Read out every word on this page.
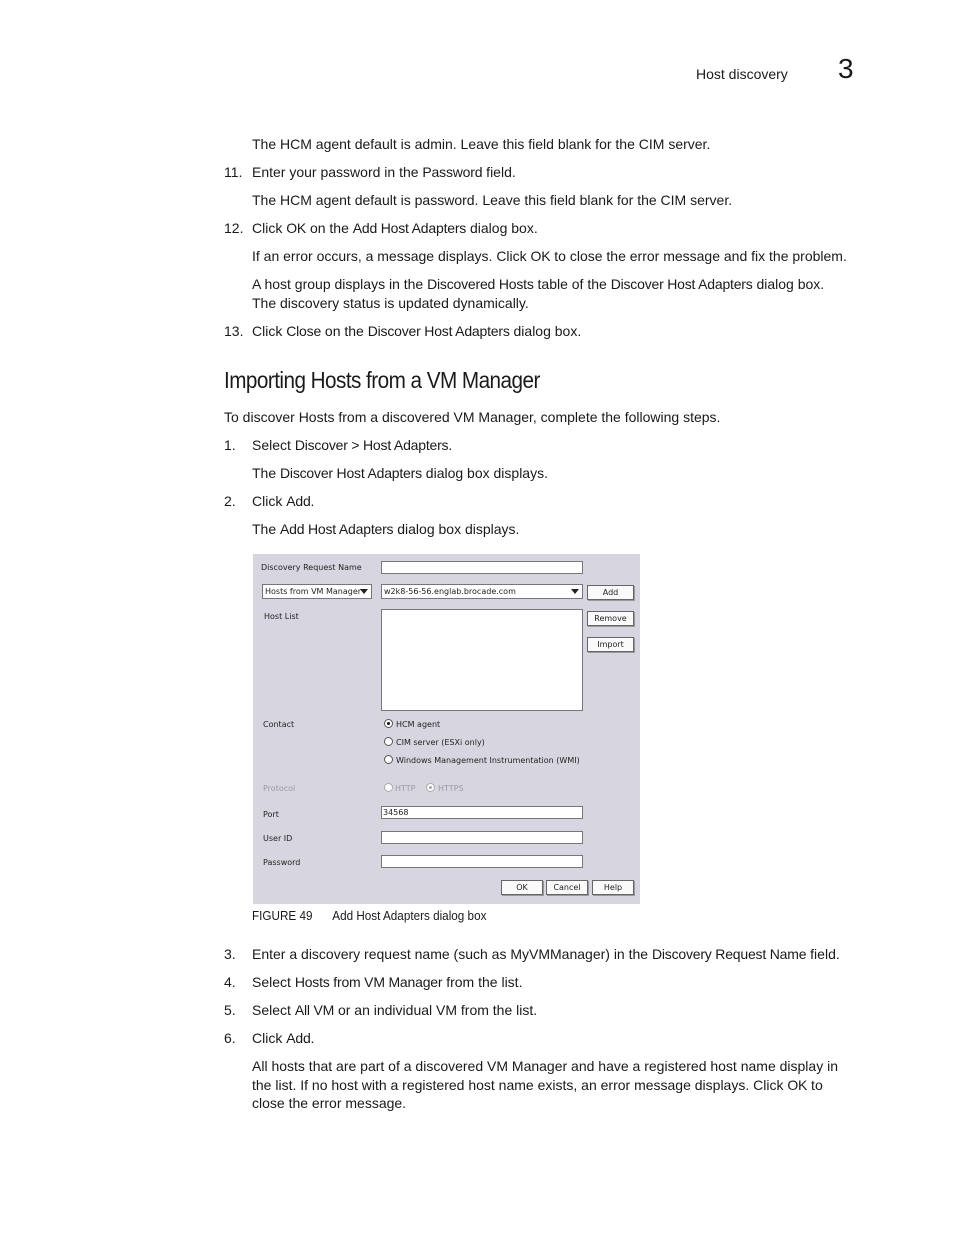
Host discovery 3
The HCM agent default is admin. Leave this field blank for the CIM server.
11. Enter your password in the Password field.
The HCM agent default is password. Leave this field blank for the CIM server.
12. Click OK on the Add Host Adapters dialog box.
If an error occurs, a message displays. Click OK to close the error message and fix the problem.
A host group displays in the Discovered Hosts table of the Discover Host Adapters dialog box.
The discovery status is updated dynamically.
13. Click Close on the Discover Host Adapters dialog box.
Importing Hosts from a VM Manager
To discover Hosts from a discovered VM Manager, complete the following steps.
1. Select Discover > Host Adapters.
The Discover Host Adapters dialog box displays.
2. Click Add.
The Add Host Adapters dialog box displays.
Discovery Request Name
Hosts from VM Manager	w2k8-56-56.englab.brocade.com	Add
Host List	Remove
Import
Contact	HCM agent
CIM server (ESXi only)
Windows Management Instrumentation (WMI)
Protocol	HTTP	HTTPS
Port	34568
User ID
Password
OK	Cancel	Help
FIGURE 49 Add Host Adapters dialog box
3. Enter a discovery request name (such as MyVMManager) in the Discovery Request Name field.
4. Select Hosts from VM Manager from the list.
5. Select All VM or an individual VM from the list.
6. Click Add.
All hosts that are part of a discovered VM Manager and have a registered host name display in
the list. If no host with a registered host name exists, an error message displays. Click OK to
close the error message.
